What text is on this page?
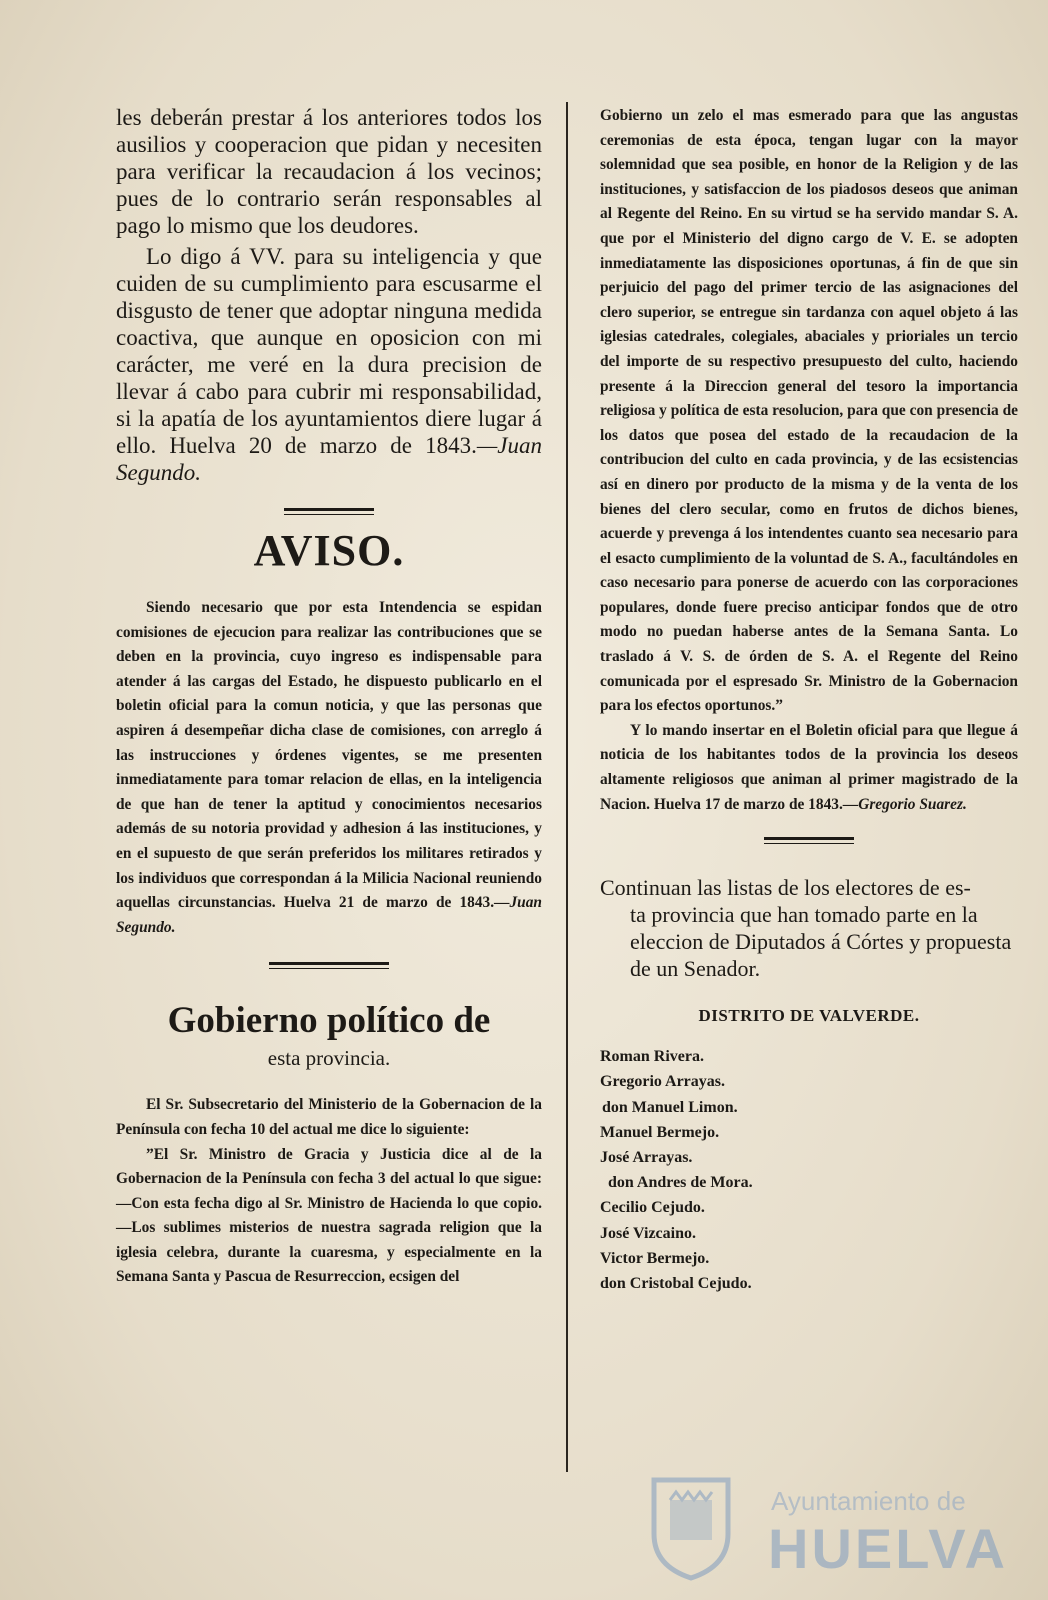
les deberán prestar á los anteriores todos los ausilios y cooperacion que pidan y necesiten para verificar la recaudacion á los vecinos; pues de lo contrario serán responsables al pago lo mismo que los deudores.

Lo digo á VV. para su inteligencia y que cuiden de su cumplimiento para escusarme el disgusto de tener que adoptar ninguna medida coactiva, que aunque en oposicion con mi carácter, me veré en la dura precision de llevar á cabo para cubrir mi responsabilidad, si la apatía de los ayuntamientos diere lugar á ello. Huelva 20 de marzo de 1843.—Juan Segundo.

AVISO.

Siendo necesario que por esta Intendencia se espidan comisiones de ejecucion para realizar las contribuciones que se deben en la provincia, cuyo ingreso es indispensable para atender á las cargas del Estado, he dispuesto publicarlo en el boletin oficial para la comun noticia, y que las personas que aspiren á desempeñar dicha clase de comisiones, con arreglo á las instrucciones y órdenes vigentes, se me presenten inmediatamente para tomar relacion de ellas, en la inteligencia de que han de tener la aptitud y conocimientos necesarios además de su notoria providad y adhesion á las instituciones, y en el supuesto de que serán preferidos los militares retirados y los individuos que correspondan á la Milicia Nacional reuniendo aquellas circunstancias. Huelva 21 de marzo de 1843.—Juan Segundo.

Gobierno político de
esta provincia.

El Sr. Subsecretario del Ministerio de la Gobernacion de la Península con fecha 10 del actual me dice lo siguiente:

”El Sr. Ministro de Gracia y Justicia dice al de la Gobernacion de la Península con fecha 3 del actual lo que sigue:—Con esta fecha digo al Sr. Ministro de Hacienda lo que copio.—Los sublimes misterios de nuestra sagrada religion que la iglesia celebra, durante la cuaresma, y especialmente en la Semana Santa y Pascua de Resurreccion, ecsigen del

Gobierno un zelo el mas esmerado para que las angustas ceremonias de esta época, tengan lugar con la mayor solemnidad que sea posible, en honor de la Religion y de las instituciones, y satisfaccion de los piadosos deseos que animan al Regente del Reino. En su virtud se ha servido mandar S. A. que por el Ministerio del digno cargo de V. E. se adopten inmediatamente las disposiciones oportunas, á fin de que sin perjuicio del pago del primer tercio de las asignaciones del clero superior, se entregue sin tardanza con aquel objeto á las iglesias catedrales, colegiales, abaciales y prioriales un tercio del importe de su respectivo presupuesto del culto, haciendo presente á la Direccion general del tesoro la importancia religiosa y política de esta resolucion, para que con presencia de los datos que posea del estado de la recaudacion de la contribucion del culto en cada provincia, y de las ecsistencias así en dinero por producto de la misma y de la venta de los bienes del clero secular, como en frutos de dichos bienes, acuerde y prevenga á los intendentes cuanto sea necesario para el esacto cumplimiento de la voluntad de S. A., facultándoles en caso necesario para ponerse de acuerdo con las corporaciones populares, donde fuere preciso anticipar fondos que de otro modo no puedan haberse antes de la Semana Santa. Lo traslado á V. S. de órden de S. A. el Regente del Reino comunicada por el espresado Sr. Ministro de la Gobernacion para los efectos oportunos.”

Y lo mando insertar en el Boletin oficial para que llegue á noticia de los habitantes todos de la provincia los deseos altamente religiosos que animan al primer magistrado de la Nacion. Huelva 17 de marzo de 1843.—Gregorio Suarez.

Continuan las listas de los electores de es-
ta provincia que han tomado parte en la eleccion de Diputados á Córtes y propuesta de un Senador.
DISTRITO DE VALVERDE.
Roman Rivera.
Gregorio Arrayas.
don Manuel Limon.
Manuel Bermejo.
José Arrayas.
don Andres de Mora.
Cecilio Cejudo.
José Vizcaino.
Victor Bermejo.
don Cristobal Cejudo.
Ayuntamiento de
HUELVA
